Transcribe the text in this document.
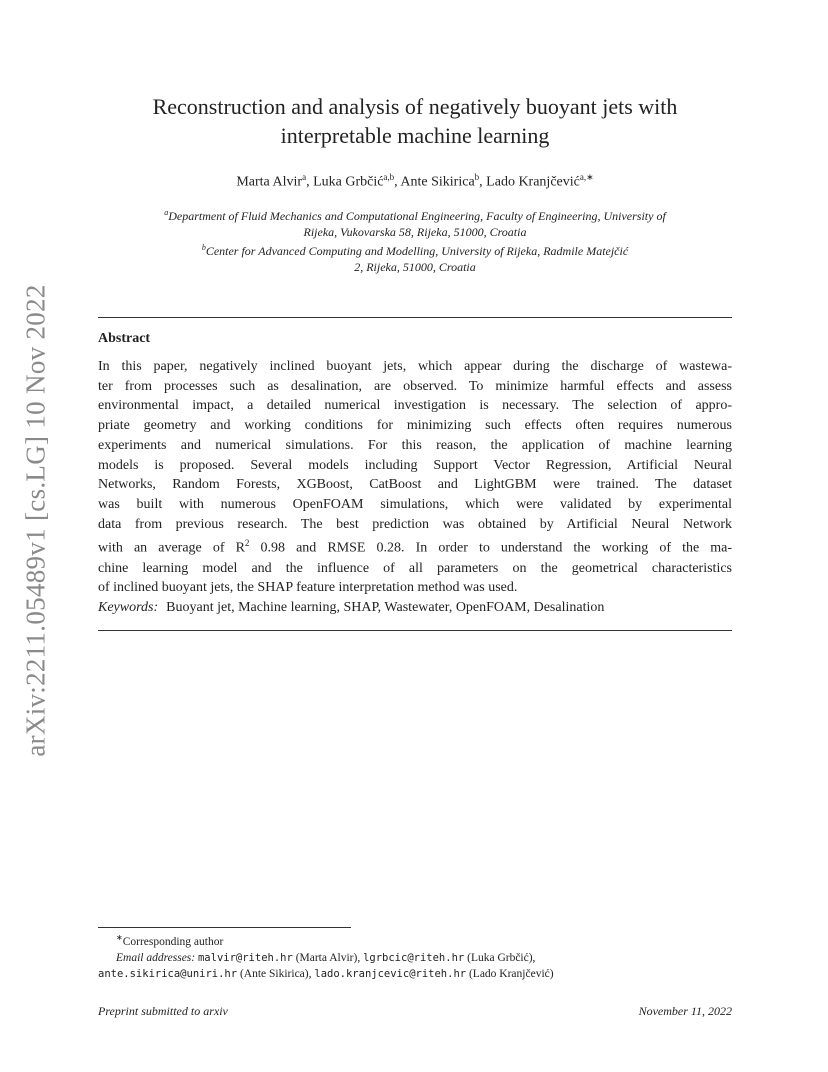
arXiv:2211.05489v1 [cs.LG] 10 Nov 2022
Reconstruction and analysis of negatively buoyant jets with
interpretable machine learning
Marta Alvir$^a$, Luka Grbčić$^{a,b}$, Ante Sikirica$^b$, Lado Kranjčević$^{a,∗}$
$^a$Department of Fluid Mechanics and Computational Engineering, Faculty of Engineering, University of
Rijeka, Vukovarska 58, Rijeka, 51000, Croatia
$^b$Center for Advanced Computing and Modelling, University of Rijeka, Radmile Matejčić
2, Rijeka, 51000, Croatia
Abstract

In this paper, negatively inclined buoyant jets, which appear during the discharge of wastewa-
ter from processes such as desalination, are observed. To minimize harmful effects and assess
environmental impact, a detailed numerical investigation is necessary. The selection of appro-
priate geometry and working conditions for minimizing such effects often requires numerous
experiments and numerical simulations. For this reason, the application of machine learning
models is proposed. Several models including Support Vector Regression, Artificial Neural
Networks, Random Forests, XGBoost, CatBoost and LightGBM were trained. The dataset
was built with numerous OpenFOAM simulations, which were validated by experimental
data from previous research. The best prediction was obtained by Artificial Neural Network
with an average of $R^2$ 0.98 and RMSE 0.28. In order to understand the working of the ma-
chine learning model and the influence of all parameters on the geometrical characteristics
of inclined buoyant jets, the SHAP feature interpretation method was used.

Keywords: Buoyant jet, Machine learning, SHAP, Wastewater, OpenFOAM, Desalination
∗Corresponding author
Email addresses: malvir@riteh.hr (Marta Alvir), lgrbcic@riteh.hr (Luka Grbčić),
ante.sikirica@uniri.hr (Ante Sikirica), lado.kranjcevic@riteh.hr (Lado Kranjčević)
Preprint submitted to arxiv	November 11, 2022
